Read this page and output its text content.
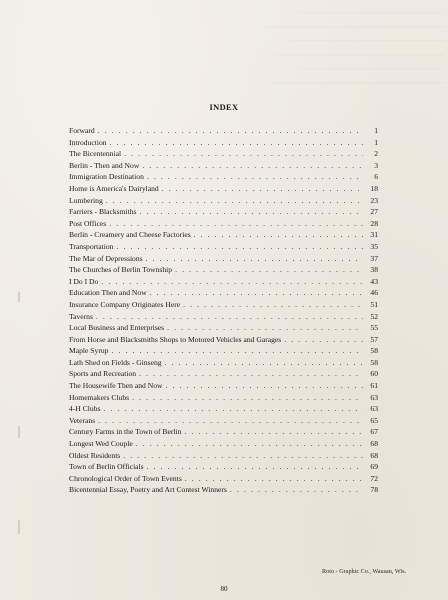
~~~~~~~~~~~~~~~~~~~~~~~~~~~~~~
~~~~~~~~~~~~~~~~~~~~~~~~~~~~~~~~~~~~~
~~~~~~~~~~~~~~~~~~~~~~~~~~~~~~~~
~~~~~~~~~~~~~~~~~~~~~~~~~~~~~~~~~~~
~~~~~~~~~~~~~~~~~~~~~~~~~~~~~~
~~~~~~~~~~~~~~~~~~~~~~~~~~~~~~~~~~~~
INDEX
Forward . . .	1
Introduction . . .	1
The Bicentennial . . .	2
Berlin - Then and Now . . .	3
Immigration Destination . . .	6
Home is America's Dairyland . . .	18
Lumbering . . .	23
Farriers - Blacksmiths . . .	27
Post Offices . . .	28
Berlin - Creamery and Cheese Factories . . .	31
Transportation . . .	35
The Mar of Depressions . . .	37
The Churches of Berlin Township . . .	38
I Do I Do . . .	43
Education Then and Now . . .	46
Insurance Company Originates Here . . .	51
Taverns . . .	52
Local Business and Enterprises . . .	55
From Horse and Blacksmiths Shops to Motored Vehicles and Garages . . .	57
Maple Syrup . . .	58
Lath Shed on Fields - Ginseng . . .	58
Sports and Recreation . . .	60
The Housewife Then and Now . . .	61
Homemakers Clubs . . .	63
4-H Clubs . . .	63
Veterans . . .	65
Century Farms in the Town of Berlin . . .	67
Longest Wed Couple . . .	68
Oldest Residents . . .	68
Town of Berlin Officials . . .	69
Chronological Order of Town Events . . .	72
Bicentennial Essay, Poetry and Art Contest Winners . . .	78
Roto - Graphic Co., Wausau, Wis.
80
